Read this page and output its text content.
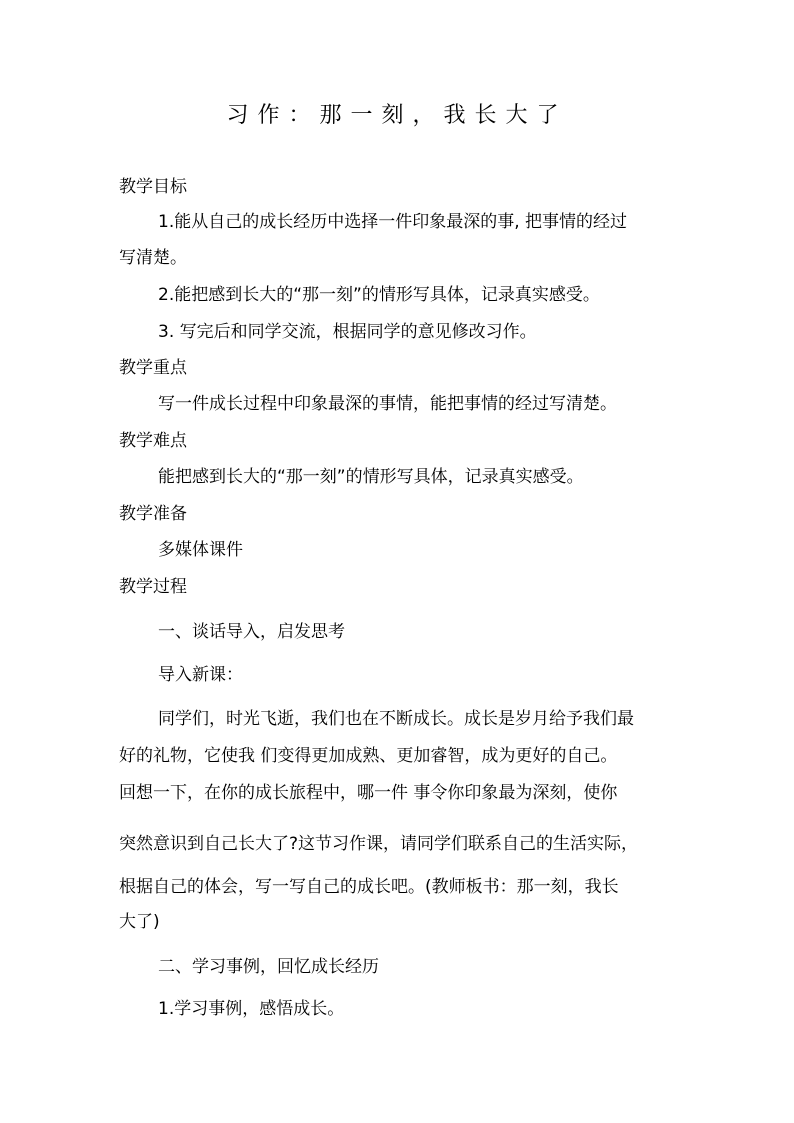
习作：那一刻，我长大了
教学目标
1.能从自己的成长经历中选择一件印象最深的事, 把事情的经过
写清楚。
2.能把感到长大的“那一刻”的情形写具体，记录真实感受。
3. 写完后和同学交流，根据同学的意见修改习作。
教学重点
写一件成长过程中印象最深的事情，能把事情的经过写清楚。
教学难点
能把感到长大的“那一刻”的情形写具体，记录真实感受。
教学准备
多媒体课件
教学过程
一、谈话导入，启发思考
导入新课：
同学们，时光飞逝，我们也在不断成长。成长是岁月给予我们最
好的礼物，它使我 们变得更加成熟、更加睿智，成为更好的自己。
回想一下，在你的成长旅程中，哪一件 事令你印象最为深刻，使你
突然意识到自己长大了?这节习作课，请同学们联系自己的生活实际，
根据自己的体会，写一写自己的成长吧。(教师板书：那一刻，我长
大了)
二、学习事例，回忆成长经历
1.学习事例，感悟成长。
